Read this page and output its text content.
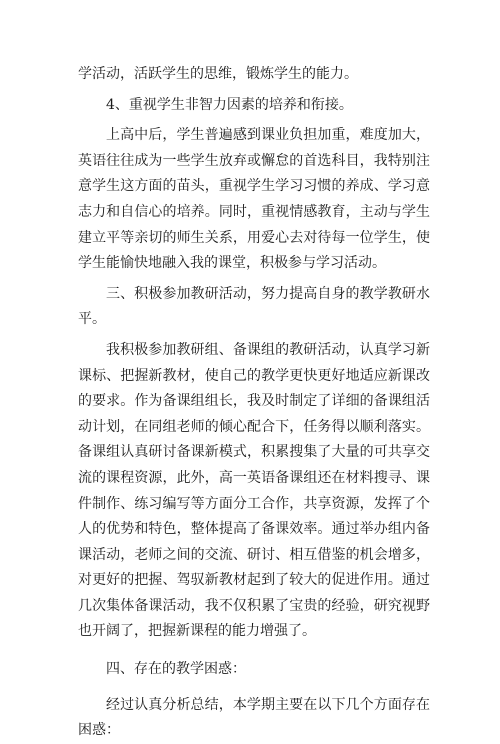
学活动，活跃学生的思维，锻炼学生的能力。

4、重视学生非智力因素的培养和衔接。

上高中后，学生普遍感到课业负担加重，难度加大，英语往往成为一些学生放弃或懈怠的首选科目，我特别注意学生这方面的苗头，重视学生学习习惯的养成、学习意志力和自信心的培养。同时，重视情感教育，主动与学生建立平等亲切的师生关系，用爱心去对待每一位学生，使学生能愉快地融入我的课堂，积极参与学习活动。

三、积极参加教研活动，努力提高自身的教学教研水平。

我积极参加教研组、备课组的教研活动，认真学习新课标、把握新教材，使自己的教学更快更好地适应新课改的要求。作为备课组组长，我及时制定了详细的备课组活动计划，在同组老师的倾心配合下，任务得以顺利落实。备课组认真研讨备课新模式，积累搜集了大量的可共享交流的课程资源，此外，高一英语备课组还在材料搜寻、课件制作、练习编写等方面分工合作，共享资源，发挥了个人的优势和特色，整体提高了备课效率。通过举办组内备课活动，老师之间的交流、研讨、相互借鉴的机会增多，对更好的把握、驾驭新教材起到了较大的促进作用。通过几次集体备课活动，我不仅积累了宝贵的经验，研究视野也开阔了，把握新课程的能力增强了。

四、存在的教学困惑：

经过认真分析总结，本学期主要在以下几个方面存在困惑：
